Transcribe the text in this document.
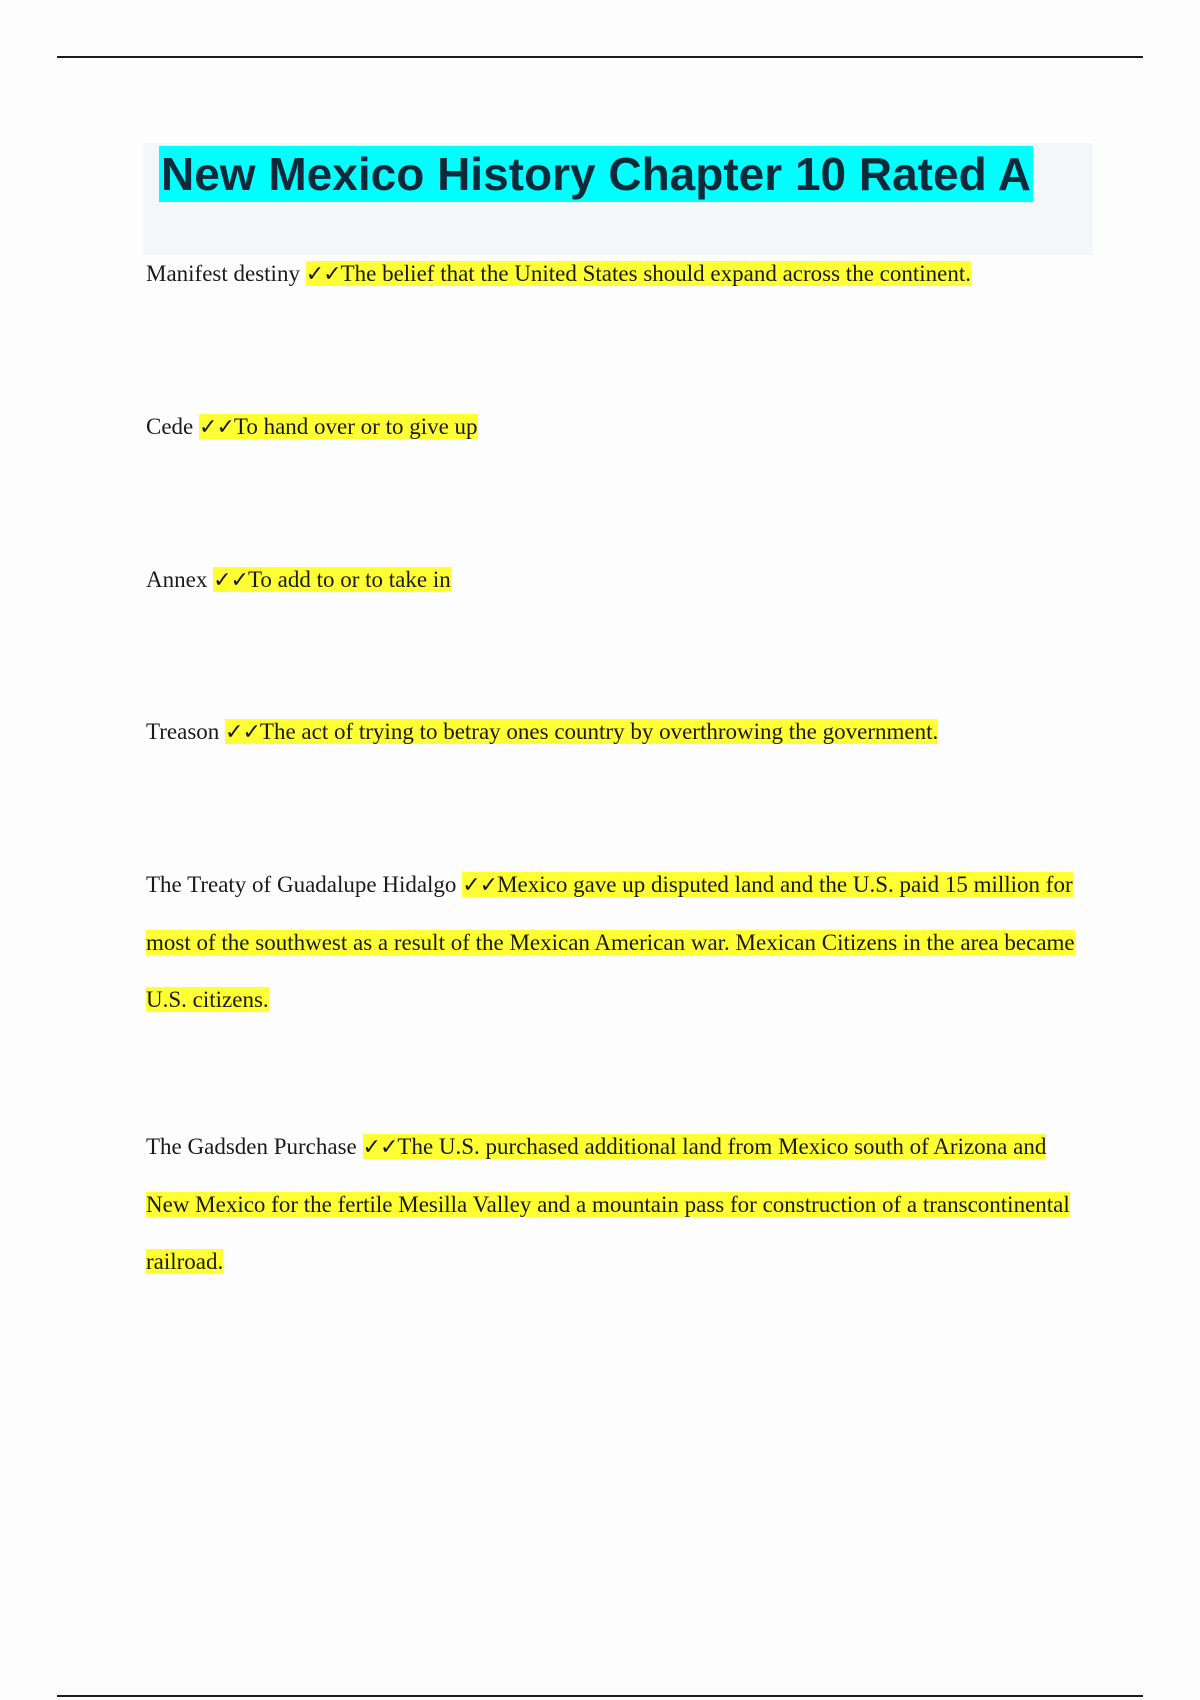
New Mexico History Chapter 10 Rated A

Manifest destiny ✓✓The belief that the United States should expand across the continent.

Cede ✓✓To hand over or to give up

Annex ✓✓To add to or to take in

Treason ✓✓The act of trying to betray ones country by overthrowing the government.

The Treaty of Guadalupe Hidalgo ✓✓Mexico gave up disputed land and the U.S. paid 15 million for most of the southwest as a result of the Mexican American war. Mexican Citizens in the area became U.S. citizens.

The Gadsden Purchase ✓✓The U.S. purchased additional land from Mexico south of Arizona and New Mexico for the fertile Mesilla Valley and a mountain pass for construction of a transcontinental railroad.
